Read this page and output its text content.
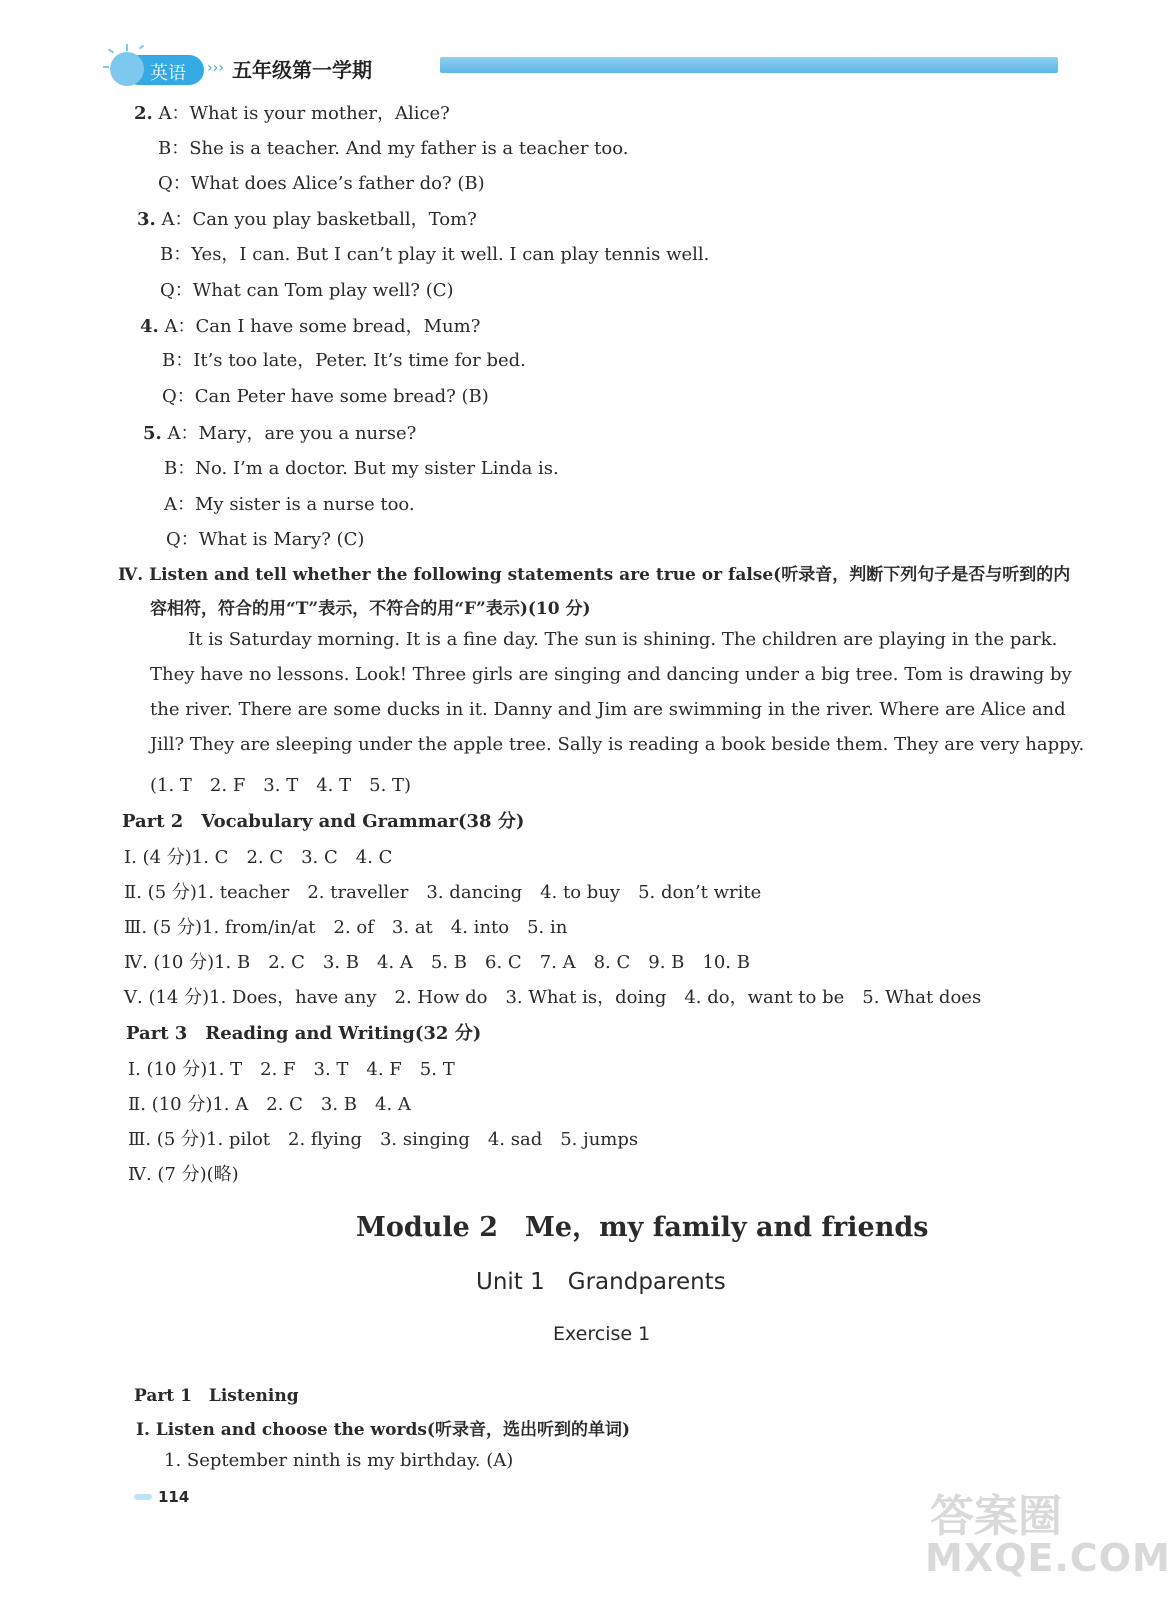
英语 ››› 五年级第一学期
2. A：What is your mother，Alice?
B：She is a teacher. And my father is a teacher too.
Q：What does Alice’s father do? (B)
3. A：Can you play basketball，Tom?
B：Yes，I can. But I can’t play it well. I can play tennis well.
Q：What can Tom play well? (C)
4. A：Can I have some bread，Mum?
B：It’s too late，Peter. It’s time for bed.
Q：Can Peter have some bread? (B)
5. A：Mary，are you a nurse?
B：No. I’m a doctor. But my sister Linda is.
A：My sister is a nurse too.
Q：What is Mary? (C)
Ⅳ. Listen and tell whether the following statements are true or false(听录音，判断下列句子是否与听到的内
容相符，符合的用“T”表示，不符合的用“F”表示)(10 分)
It is Saturday morning. It is a fine day. The sun is shining. The children are playing in the park.
They have no lessons. Look! Three girls are singing and dancing under a big tree. Tom is drawing by
the river. There are some ducks in it. Danny and Jim are swimming in the river. Where are Alice and
Jill? They are sleeping under the apple tree. Sally is reading a book beside them. They are very happy.
(1. T　2. F　3. T　4. T　5. T)
Part 2　Vocabulary and Grammar(38 分)
Ⅰ. (4 分)1. C　2. C　3. C　4. C
Ⅱ. (5 分)1. teacher　2. traveller　3. dancing　4. to buy　5. don’t write
Ⅲ. (5 分)1. from/in/at　2. of　3. at　4. into　5. in
Ⅳ. (10 分)1. B　2. C　3. B　4. A　5. B　6. C　7. A　8. C　9. B　10. B
Ⅴ. (14 分)1. Does，have any　2. How do　3. What is，doing　4. do，want to be　5. What does
Part 3　Reading and Writing(32 分)
Ⅰ. (10 分)1. T　2. F　3. T　4. F　5. T
Ⅱ. (10 分)1. A　2. C　3. B　4. A
Ⅲ. (5 分)1. pilot　2. flying　3. singing　4. sad　5. jumps
Ⅳ. (7 分)(略)
Module 2　Me，my family and friends
Unit 1　Grandparents
Exercise 1
Part 1　Listening
Ⅰ. Listen and choose the words(听录音，选出听到的单词)
1. September ninth is my birthday. (A)
114	答案圈
MXQE.COM
